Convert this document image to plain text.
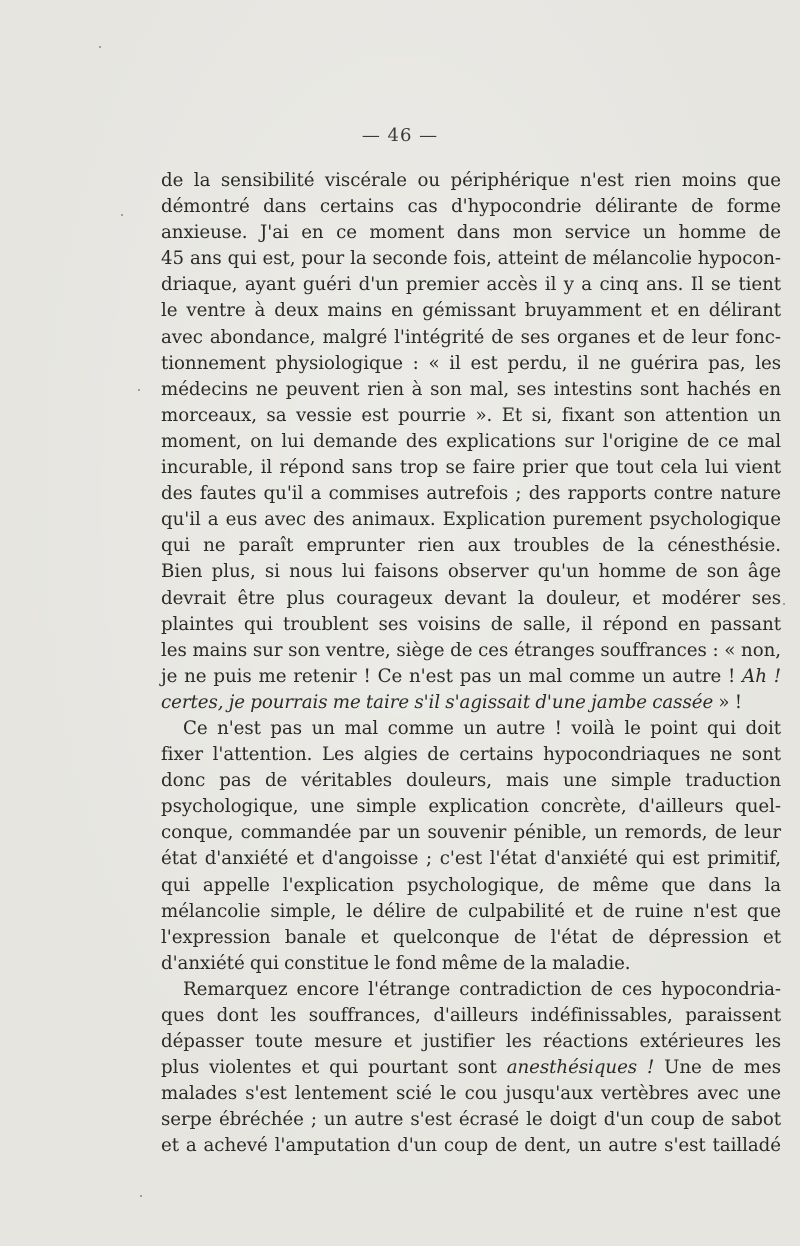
— 46 —
de la sensibilité viscérale ou périphérique n'est rien moins que
démontré dans certains cas d'hypocondrie délirante de forme
anxieuse. J'ai en ce moment dans mon service un homme de
45 ans qui est, pour la seconde fois, atteint de mélancolie hypocon-
driaque, ayant guéri d'un premier accès il y a cinq ans. Il se tient
le ventre à deux mains en gémissant bruyamment et en délirant
avec abondance, malgré l'intégrité de ses organes et de leur fonc-
tionnement physiologique : « il est perdu, il ne guérira pas, les
médecins ne peuvent rien à son mal, ses intestins sont hachés en
morceaux, sa vessie est pourrie ». Et si, fixant son attention un
moment, on lui demande des explications sur l'origine de ce mal
incurable, il répond sans trop se faire prier que tout cela lui vient
des fautes qu'il a commises autrefois ; des rapports contre nature
qu'il a eus avec des animaux. Explication purement psychologique
qui ne paraît emprunter rien aux troubles de la cénesthésie.
Bien plus, si nous lui faisons observer qu'un homme de son âge
devrait être plus courageux devant la douleur, et modérer ses
plaintes qui troublent ses voisins de salle, il répond en passant
les mains sur son ventre, siège de ces étranges souffrances : « non,
je ne puis me retenir ! Ce n'est pas un mal comme un autre ! Ah !
certes, je pourrais me taire s'il s'agissait d'une jambe cassée » !
Ce n'est pas un mal comme un autre ! voilà le point qui doit
fixer l'attention. Les algies de certains hypocondriaques ne sont
donc pas de véritables douleurs, mais une simple traduction
psychologique, une simple explication concrète, d'ailleurs quel-
conque, commandée par un souvenir pénible, un remords, de leur
état d'anxiété et d'angoisse ; c'est l'état d'anxiété qui est primitif,
qui appelle l'explication psychologique, de même que dans la
mélancolie simple, le délire de culpabilité et de ruine n'est que
l'expression banale et quelconque de l'état de dépression et
d'anxiété qui constitue le fond même de la maladie.
Remarquez encore l'étrange contradiction de ces hypocondria-
ques dont les souffrances, d'ailleurs indéfinissables, paraissent
dépasser toute mesure et justifier les réactions extérieures les
plus violentes et qui pourtant sont anesthésiques ! Une de mes
malades s'est lentement scié le cou jusqu'aux vertèbres avec une
serpe ébréchée ; un autre s'est écrasé le doigt d'un coup de sabot
et a achevé l'amputation d'un coup de dent, un autre s'est tailladé
